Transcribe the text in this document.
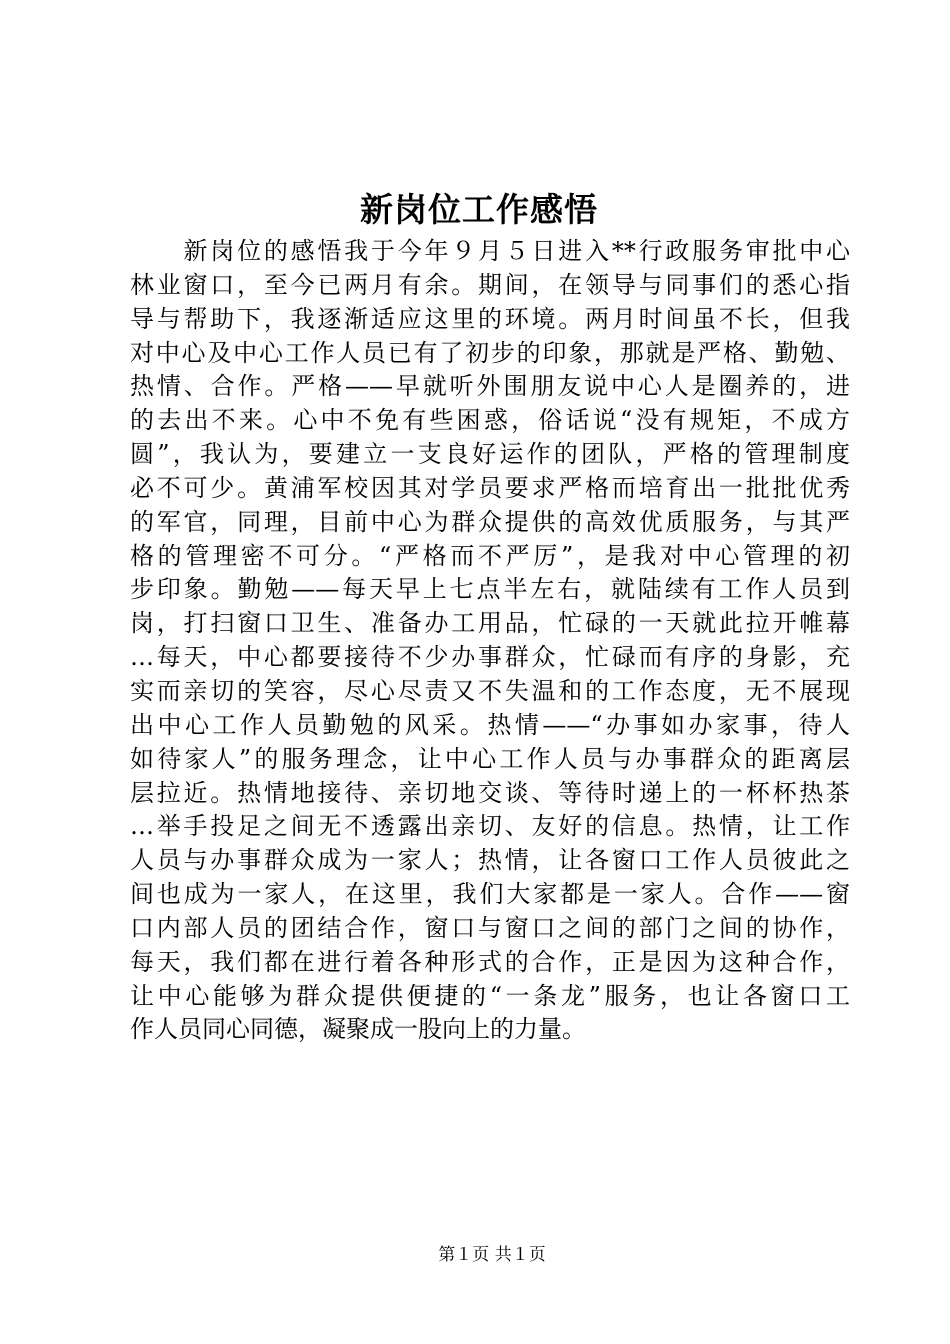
新岗位工作感悟
　　新岗位的感悟我于今年９月５日进入**行政服务审批中心
林业窗口，至今已两月有余。期间，在领导与同事们的悉心指
导与帮助下，我逐渐适应这里的环境。两月时间虽不长，但我
对中心及中心工作人员已有了初步的印象，那就是严格、勤勉、
热情、合作。严格——早就听外围朋友说中心人是圈养的，进
的去出不来。心中不免有些困惑，俗话说“没有规矩，不成方
圆”，我认为，要建立一支良好运作的团队，严格的管理制度
必不可少。黄浦军校因其对学员要求严格而培育出一批批优秀
的军官，同理，目前中心为群众提供的高效优质服务，与其严
格的管理密不可分。“严格而不严厉”，是我对中心管理的初
步印象。勤勉——每天早上七点半左右，就陆续有工作人员到
岗，打扫窗口卫生、准备办工用品，忙碌的一天就此拉开帷幕
…每天，中心都要接待不少办事群众，忙碌而有序的身影，充
实而亲切的笑容，尽心尽责又不失温和的工作态度，无不展现
出中心工作人员勤勉的风采。热情——“办事如办家事，待人
如待家人”的服务理念，让中心工作人员与办事群众的距离层
层拉近。热情地接待、亲切地交谈、等待时递上的一杯杯热茶
…举手投足之间无不透露出亲切、友好的信息。热情，让工作
人员与办事群众成为一家人；热情，让各窗口工作人员彼此之
间也成为一家人，在这里，我们大家都是一家人。合作——窗
口内部人员的团结合作，窗口与窗口之间的部门之间的协作，
每天，我们都在进行着各种形式的合作，正是因为这种合作，
让中心能够为群众提供便捷的“一条龙”服务，也让各窗口工
作人员同心同德，凝聚成一股向上的力量。
第１页 共１页
